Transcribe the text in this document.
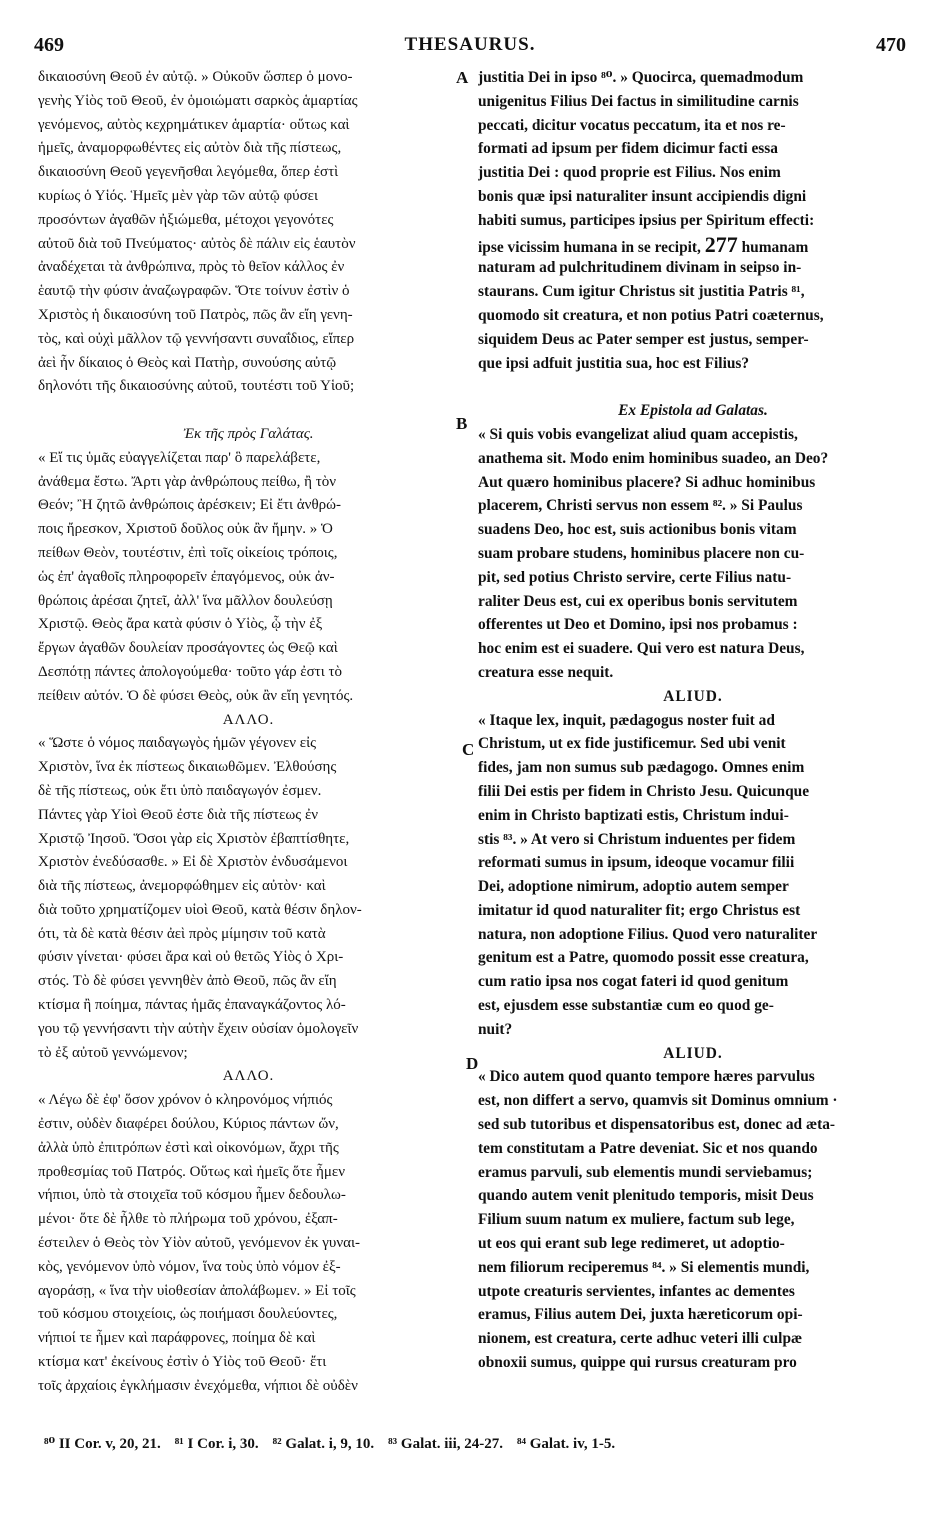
469	THESAURUS.	470
δικαιοσύνη Θεοῦ ἐν αὐτῷ. » Οὐκοῦν ὥσπερ ὁ μονο-
γενὴς Υἱὸς τοῦ Θεοῦ, ἐν ὁμοιώματι σαρκὸς ἁμαρτίας
γενόμενος, αὐτὸς κεχρημάτικεν ἁμαρτία· οὕτως καὶ
ἡμεῖς, ἀναμορφωθέντες εἰς αὐτὸν διὰ τῆς πίστεως,
δικαιοσύνη Θεοῦ γεγενῆσθαι λεγόμεθα, ὅπερ ἐστὶ
κυρίως ὁ Υἱός. Ἡμεῖς μὲν γὰρ τῶν αὐτῷ φύσει
προσόντων ἀγαθῶν ἠξιώμεθα, μέτοχοι γεγονότες
αὐτοῦ διὰ τοῦ Πνεύματος· αὐτὸς δὲ πάλιν εἰς ἑαυτὸν
ἀναδέχεται τὰ ἀνθρώπινα, πρὸς τὸ θεῖον κάλλος ἐν
ἑαυτῷ τὴν φύσιν ἀναζωγραφῶν. Ὅτε τοίνυν ἐστὶν ὁ
Χριστὸς ἡ δικαιοσύνη τοῦ Πατρὸς, πῶς ἂν εἴη γενη-
τὸς, καὶ οὐχὶ μᾶλλον τῷ γεννήσαντι συναΐδιος, εἴπερ
ἀεὶ ἦν δίκαιος ὁ Θεὸς καὶ Πατὴρ, συνούσης αὐτῷ
δηλονότι τῆς δικαιοσύνης αὐτοῦ, τουτέστι τοῦ Υἱοῦ;
Ἐκ τῆς πρὸς Γαλάτας.
« Εἴ τις ὑμᾶς εὐαγγελίζεται παρ' ὃ παρελάβετε,
ἀνάθεμα ἔστω. Ἄρτι γὰρ ἀνθρώπους πείθω, ἢ τὸν
Θεόν; Ἢ ζητῶ ἀνθρώποις ἀρέσκειν; Εἰ ἔτι ἀνθρώ-
ποις ἤρεσκον, Χριστοῦ δοῦλος οὐκ ἂν ἤμην. » Ὁ
πείθων Θεὸν, τουτέστιν, ἐπὶ τοῖς οἰκείοις τρόποις,
ὡς ἐπ' ἀγαθοῖς πληροφορεῖν ἐπαγόμενος, οὐκ ἀν-
θρώποις ἀρέσαι ζητεῖ, ἀλλ' ἵνα μᾶλλον δουλεύσῃ
Χριστῷ. Θεὸς ἄρα κατὰ φύσιν ὁ Υἱὸς, ᾧ τὴν ἐξ
ἔργων ἀγαθῶν δουλείαν προσάγοντες ὡς Θεῷ καὶ
Δεσπότῃ πάντες ἀπολογούμεθα· τοῦτο γάρ ἐστι τὸ
πείθειν αὐτόν. Ὁ δὲ φύσει Θεὸς, οὐκ ἂν εἴη γενητός.
ΑΛΛΟ.
« Ὥστε ὁ νόμος παιδαγωγὸς ἡμῶν γέγονεν εἰς
Χριστὸν, ἵνα ἐκ πίστεως δικαιωθῶμεν. Ἐλθούσης
δὲ τῆς πίστεως, οὐκ ἔτι ὑπὸ παιδαγωγόν ἐσμεν.
Πάντες γὰρ Υἱοὶ Θεοῦ ἐστε διὰ τῆς πίστεως ἐν
Χριστῷ Ἰησοῦ. Ὅσοι γὰρ εἰς Χριστὸν ἐβαπτίσθητε,
Χριστὸν ἐνεδύσασθε. » Εἰ δὲ Χριστὸν ἐνδυσάμενοι
διὰ τῆς πίστεως, ἀνεμορφώθημεν εἰς αὐτὸν· καὶ
διὰ τοῦτο χρηματίζομεν υἱοὶ Θεοῦ, κατὰ θέσιν δηλον-
ότι, τὰ δὲ κατὰ θέσιν ἀεὶ πρὸς μίμησιν τοῦ κατὰ
φύσιν γίνεται· φύσει ἄρα καὶ οὐ θετῶς Υἱὸς ὁ Χρι-
στός. Τὸ δὲ φύσει γεννηθὲν ἀπὸ Θεοῦ, πῶς ἂν εἴη
κτίσμα ἢ ποίημα, πάντας ἡμᾶς ἐπαναγκάζοντος λό-
γου τῷ γεννήσαντι τὴν αὐτὴν ἔχειν οὐσίαν ὁμολογεῖν
τὸ ἐξ αὐτοῦ γεννώμενον;
ΑΛΛΟ.
« Λέγω δὲ ἐφ' ὅσον χρόνον ὁ κληρονόμος νήπιός
ἐστιν, οὐδὲν διαφέρει δούλου, Κύριος πάντων ὤν,
ἀλλὰ ὑπὸ ἐπιτρόπων ἐστὶ καὶ οἰκονόμων, ἄχρι τῆς
προθεσμίας τοῦ Πατρός. Οὕτως καὶ ἡμεῖς ὅτε ἦμεν
νήπιοι, ὑπὸ τὰ στοιχεῖα τοῦ κόσμου ἦμεν δεδουλω-
μένοι· ὅτε δὲ ἦλθε τὸ πλήρωμα τοῦ χρόνου, ἐξαπ-
έστειλεν ὁ Θεὸς τὸν Υἱὸν αὐτοῦ, γενόμενον ἐκ γυναι-
κὸς, γενόμενον ὑπὸ νόμον, ἵνα τοὺς ὑπὸ νόμον ἐξ-
αγοράσῃ, « ἵνα τὴν υἱοθεσίαν ἀπολάβωμεν. » Εἰ τοῖς
τοῦ κόσμου στοιχείοις, ὡς ποιήμασι δουλεύοντες,
νήπιοί τε ἦμεν καὶ παράφρονες, ποίημα δὲ καὶ
κτίσμα κατ' ἐκείνους ἐστὶν ὁ Υἱὸς τοῦ Θεοῦ· ἔτι
τοῖς ἀρχαίοις ἐγκλήμασιν ἐνεχόμεθα, νήπιοι δὲ οὐδὲν
justitia Dei in ipso ⁸⁰. » Quocirca, quemadmodum
unigenitus Filius Dei factus in similitudine carnis
peccati, dicitur vocatus peccatum, ita et nos re-
formati ad ipsum per fidem dicimur facti essa
justitia Dei : quod proprie est Filius. Nos enim
bonis quæ ipsi naturaliter insunt accipiendis digni
habiti sumus, participes ipsius per Spiritum effecti:
ipse vicissim humana in se recipit, 277 humanam
naturam ad pulchritudinem divinam in seipso in-
staurans. Cum igitur Christus sit justitia Patris ⁸¹,
quomodo sit creatura, et non potius Patri coæternus,
siquidem Deus ac Pater semper est justus, semper-
que ipsi adfuit justitia sua, hoc est Filius?
Ex Epistola ad Galatas.
« Si quis vobis evangelizat aliud quam accepistis,
anathema sit. Modo enim hominibus suadeo, an Deo?
Aut quæro hominibus placere? Si adhuc hominibus
placerem, Christi servus non essem ⁸². » Si Paulus
suadens Deo, hoc est, suis actionibus bonis vitam
suam probare studens, hominibus placere non cu-
pit, sed potius Christo servire, certe Filius natu-
raliter Deus est, cui ex operibus bonis servitutem
offerentes ut Deo et Domino, ipsi nos probamus :
hoc enim est ei suadere. Qui vero est natura Deus,
creatura esse nequit.
ALIUD.
« Itaque lex, inquit, pædagogus noster fuit ad
Christum, ut ex fide justificemur. Sed ubi venit
fides, jam non sumus sub pædagogo. Omnes enim
filii Dei estis per fidem in Christo Jesu. Quicunque
enim in Christo baptizati estis, Christum indui-
stis ⁸³. » At vero si Christum induentes per fidem
reformati sumus in ipsum, ideoque vocamur filii
Dei, adoptione nimirum, adoptio autem semper
imitatur id quod naturaliter fit; ergo Christus est
natura, non adoptione Filius. Quod vero naturaliter
genitum est a Patre, quomodo possit esse creatura,
cum ratio ipsa nos cogat fateri id quod genitum
est, ejusdem esse substantiæ cum eo quod ge-
nuit?
ALIUD.
« Dico autem quod quanto tempore hæres parvulus
est, non differt a servo, quamvis sit Dominus omnium ·
sed sub tutoribus et dispensatoribus est, donec ad æta-
tem constitutam a Patre deveniat. Sic et nos quando
eramus parvuli, sub elementis mundi serviebamus;
quando autem venit plenitudo temporis, misit Deus
Filium suum natum ex muliere, factum sub lege,
ut eos qui erant sub lege redimeret, ut adoptio-
nem filiorum reciperemus ⁸⁴. » Si elementis mundi,
utpote creaturis servientes, infantes ac dementes
eramus, Filius autem Dei, juxta hæreticorum opi-
nionem, est creatura, certe adhuc veteri illi culpæ
obnoxii sumus, quippe qui rursus creaturam pro
A
B
C
D
⁸⁰ II Cor. v, 20, 21. ⁸¹ I Cor. i, 30. ⁸² Galat. i, 9, 10. ⁸³ Galat. iii, 24-27. ⁸⁴ Galat. iv, 1-5.
